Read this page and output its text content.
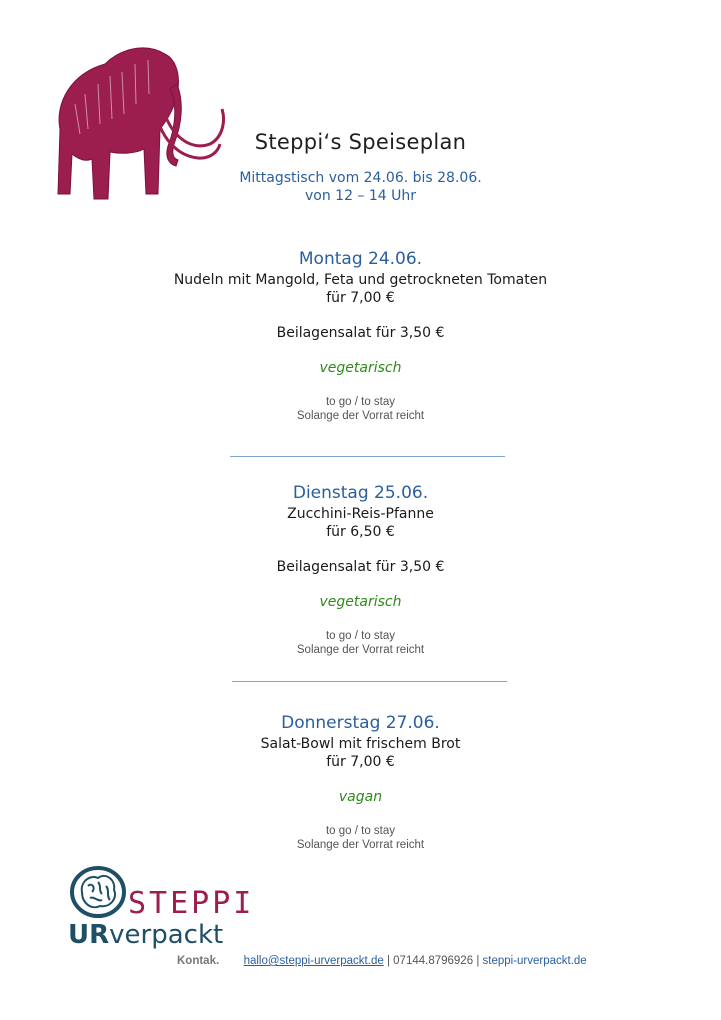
Steppi‘s Speiseplan
Mittagstisch vom 24.06. bis 28.06.
von 12 – 14 Uhr
Montag 24.06.
Nudeln mit Mangold, Feta und getrockneten Tomaten
für 7,00 €
Beilagensalat für 3,50 €
vegetarisch
to go / to stay
Solange der Vorrat reicht
Dienstag 25.06.
Zucchini-Reis-Pfanne
für 6,50 €
Beilagensalat für 3,50 €
vegetarisch
to go / to stay
Solange der Vorrat reicht
Donnerstag 27.06.
Salat-Bowl mit frischem Brot
für 7,00 €
vagan
to go / to stay
Solange der Vorrat reicht
STEPPI
URverpackt
Kontak. hallo@steppi-urverpackt.de | 07144.8796926 | steppi-urverpackt.de
